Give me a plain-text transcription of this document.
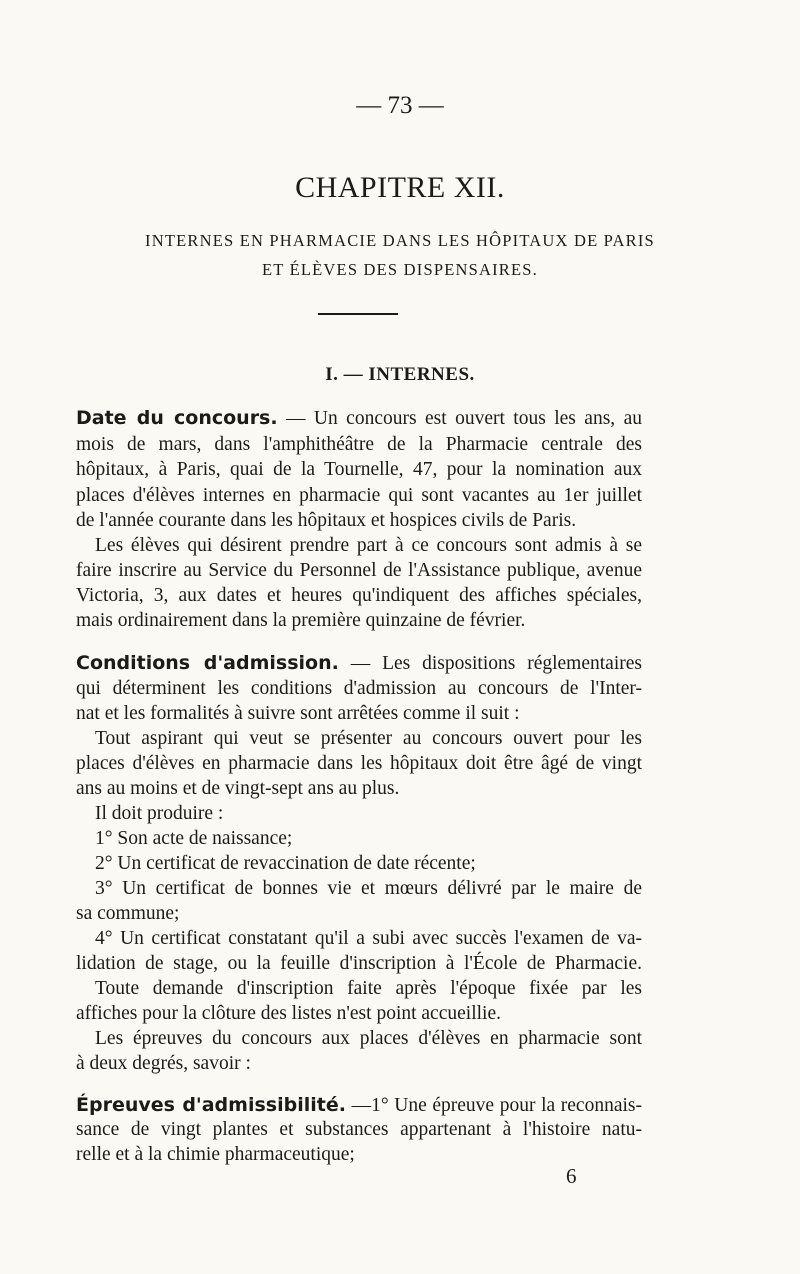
— 73 —
CHAPITRE XII.
INTERNES EN PHARMACIE DANS LES HÔPITAUX DE PARIS
ET ÉLÈVES DES DISPENSAIRES.
I. — INTERNES.
Date du concours. — Un concours est ouvert tous les ans, au
mois de mars, dans l'amphithéâtre de la Pharmacie centrale des
hôpitaux, à Paris, quai de la Tournelle, 47, pour la nomination aux
places d'élèves internes en pharmacie qui sont vacantes au 1er juillet
de l'année courante dans les hôpitaux et hospices civils de Paris.
Les élèves qui désirent prendre part à ce concours sont admis à se
faire inscrire au Service du Personnel de l'Assistance publique, avenue
Victoria, 3, aux dates et heures qu'indiquent des affiches spéciales,
mais ordinairement dans la première quinzaine de février.
Conditions d'admission. — Les dispositions réglementaires
qui déterminent les conditions d'admission au concours de l'Inter-
nat et les formalités à suivre sont arrêtées comme il suit :
Tout aspirant qui veut se présenter au concours ouvert pour les
places d'élèves en pharmacie dans les hôpitaux doit être âgé de vingt
ans au moins et de vingt-sept ans au plus.
Il doit produire :
1° Son acte de naissance;
2° Un certificat de revaccination de date récente;
3° Un certificat de bonnes vie et mœurs délivré par le maire de
sa commune;
4° Un certificat constatant qu'il a subi avec succès l'examen de va-
lidation de stage, ou la feuille d'inscription à l'École de Pharmacie.
Toute demande d'inscription faite après l'époque fixée par les
affiches pour la clôture des listes n'est point accueillie.
Les épreuves du concours aux places d'élèves en pharmacie sont
à deux degrés, savoir :
Épreuves d'admissibilité. —1° Une épreuve pour la reconnais-
sance de vingt plantes et substances appartenant à l'histoire natu-
relle et à la chimie pharmaceutique;
6
